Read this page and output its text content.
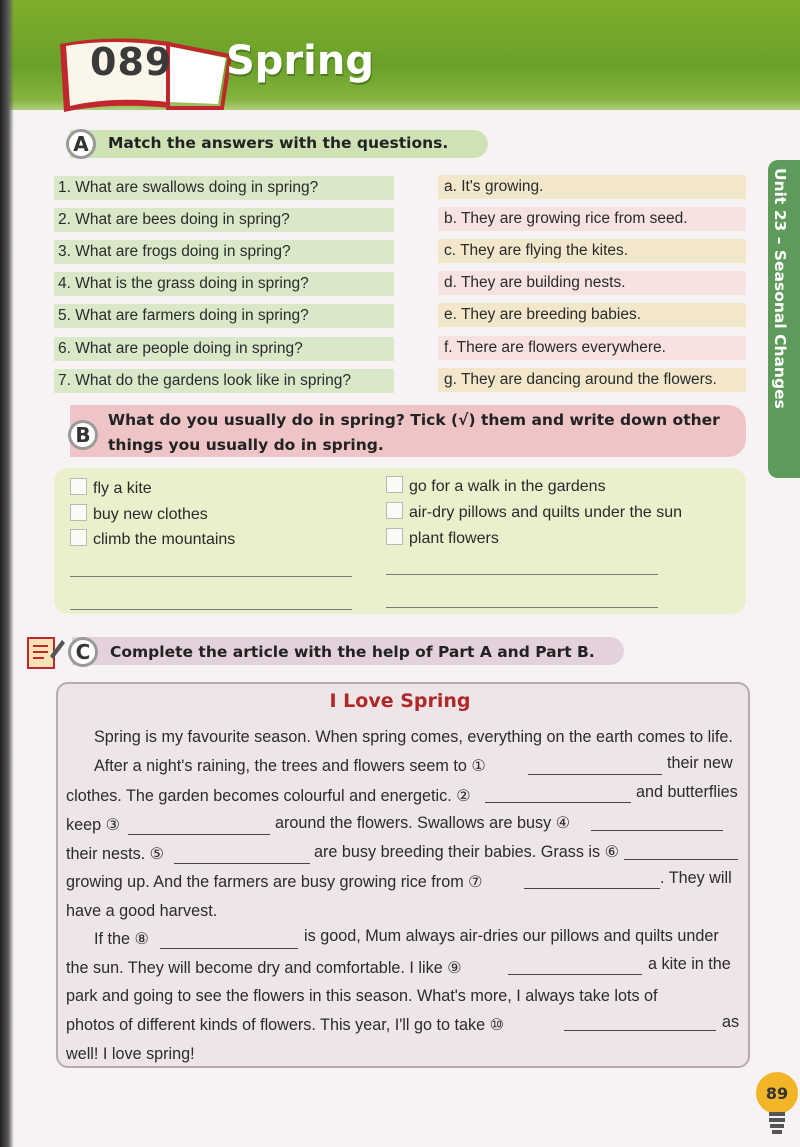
089 Spring
Unit 23 – Seasonal Changes
A	Match the answers with the questions.
1. What are swallows doing in spring?
2. What are bees doing in spring?
3. What are frogs doing in spring?
4. What is the grass doing in spring?
5. What are farmers doing in spring?
6. What are people doing in spring?
7. What do the gardens look like in spring?
a. It's growing.
b. They are growing rice from seed.
c. They are flying the kites.
d. They are building nests.
e. They are breeding babies.
f. There are flowers everywhere.
g. They are dancing around the flowers.
B
What do you usually do in spring? Tick (√) them and write down other
things you usually do in spring.
fly a kite
buy new clothes
climb the mountains
go for a walk in the gardens
air-dry pillows and quilts under the sun
plant flowers
C	Complete the article with the help of Part A and Part B.
I Love Spring
Spring is my favourite season. When spring comes, everything on the earth comes to life.
After a night's raining, the trees and flowers seem to ①	their new
clothes. The garden becomes colourful and energetic. ②	and butterflies
keep ③	around the flowers. Swallows are busy ④
their nests. ⑤	are busy breeding their babies. Grass is ⑥
growing up. And the farmers are busy growing rice from ⑦	. They will
have a good harvest.
If the ⑧	is good, Mum always air-dries our pillows and quilts under
the sun. They will become dry and comfortable. I like ⑨	a kite in the
park and going to see the flowers in this season. What's more, I always take lots of
photos of different kinds of flowers. This year, I'll go to take ⑩	as
well! I love spring!
89
